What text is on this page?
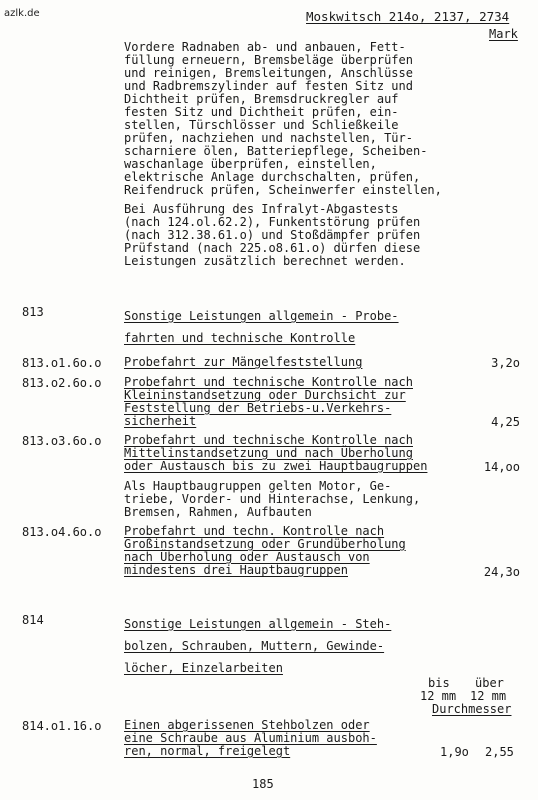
azlk.de	Moskwitsch 214o, 2137, 2734
Mark
Vordere Radnaben ab- und anbauen, Fett-
füllung erneuern, Bremsbeläge überprüfen
und reinigen, Bremsleitungen, Anschlüsse
und Radbremszylinder auf festen Sitz und
Dichtheit prüfen, Bremsdruckregler auf
festen Sitz und Dichtheit prüfen, ein-
stellen, Türschlösser und Schließkeile
prüfen, nachziehen und nachstellen, Tür-
scharniere ölen, Batteriepflege, Scheiben-
waschanlage überprüfen, einstellen,
elektrische Anlage durchschalten, prüfen,
Reifendruck prüfen, Scheinwerfer einstellen,
Bei Ausführung des Infralyt-Abgastests
(nach 124.ol.62.2), Funkentstörung prüfen
(nach 312.38.61.o) und Stoßdämpfer prüfen
Prüfstand (nach 225.o8.61.o) dürfen diese
Leistungen zusätzlich berechnet werden.
813	Sonstige Leistungen allgemein - Probe-
fahrten und technische Kontrolle
813.o1.6o.o Probefahrt zur Mängelfeststellung	3,2o
813.o2.6o.o Probefahrt und technische Kontrolle nach
Kleininstandsetzung oder Durchsicht zur
Feststellung der Betriebs-u.Verkehrs-
sicherheit	4,25
813.o3.6o.o Probefahrt und technische Kontrolle nach
Mittelinstandsetzung und nach Überholung
oder Austausch bis zu zwei Hauptbaugruppen	14,oo
Als Hauptbaugruppen gelten Motor, Ge-
triebe, Vorder- und Hinterachse, Lenkung,
Bremsen, Rahmen, Aufbauten
813.o4.6o.o Probefahrt und techn. Kontrolle nach
Großinstandsetzung oder Grundüberholung
nach Überholung oder Austausch von
mindestens drei Hauptbaugruppen	24,3o
814	Sonstige Leistungen allgemein - Steh-
bolzen, Schrauben, Muttern, Gewinde-
löcher, Einzelarbeiten
bis über
12 mm 12 mm
Durchmesser
814.o1.16.o Einen abgerissenen Stehbolzen oder
eine Schraube aus Aluminium ausboh-
ren, normal, freigelegt	1,9o 2,55
185
